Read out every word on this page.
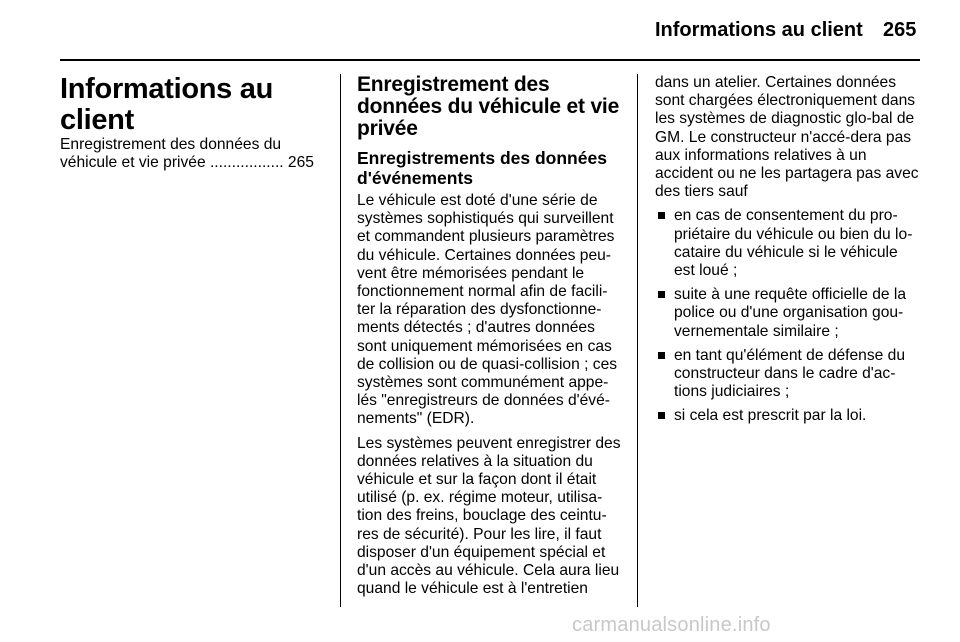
Informations au client 265
Informations au client

Enregistrement des données du véhicule et vie privée ................. 265

Enregistrement des données du véhicule et vie privée
Enregistrements des données d'événements

Le véhicule est doté d'une série de systèmes sophistiqués qui surveillent et commandent plusieurs paramètres du véhicule. Certaines données peu‐vent être mémorisées pendant le fonctionnement normal afin de facili‐ter la réparation des dysfonctionne‐ments détectés ; d'autres données sont uniquement mémorisées en cas de collision ou de quasi-collision ; ces systèmes sont communément appe‐lés "enregistreurs de données d'évé‐nements" (EDR).

Les systèmes peuvent enregistrer des données relatives à la situation du véhicule et sur la façon dont il était utilisé (p. ex. régime moteur, utilisa‐tion des freins, bouclage des ceintu‐res de sécurité). Pour les lire, il faut disposer d'un équipement spécial et d'un accès au véhicule. Cela aura lieu quand le véhicule est à l'entretien

dans un atelier. Certaines données sont chargées électroniquement dans les systèmes de diagnostic glo‐bal de GM. Le constructeur n'accé‐dera pas aux informations relatives à un accident ou ne les partagera pas avec des tiers sauf

en cas de consentement du pro‐priétaire du véhicule ou bien du lo‐cataire du véhicule si le véhicule est loué ;
suite à une requête officielle de la police ou d'une organisation gou‐vernementale similaire ;
en tant qu'élément de défense du constructeur dans le cadre d'ac‐tions judiciaires ;
si cela est prescrit par la loi.
carmanualsonline.info
